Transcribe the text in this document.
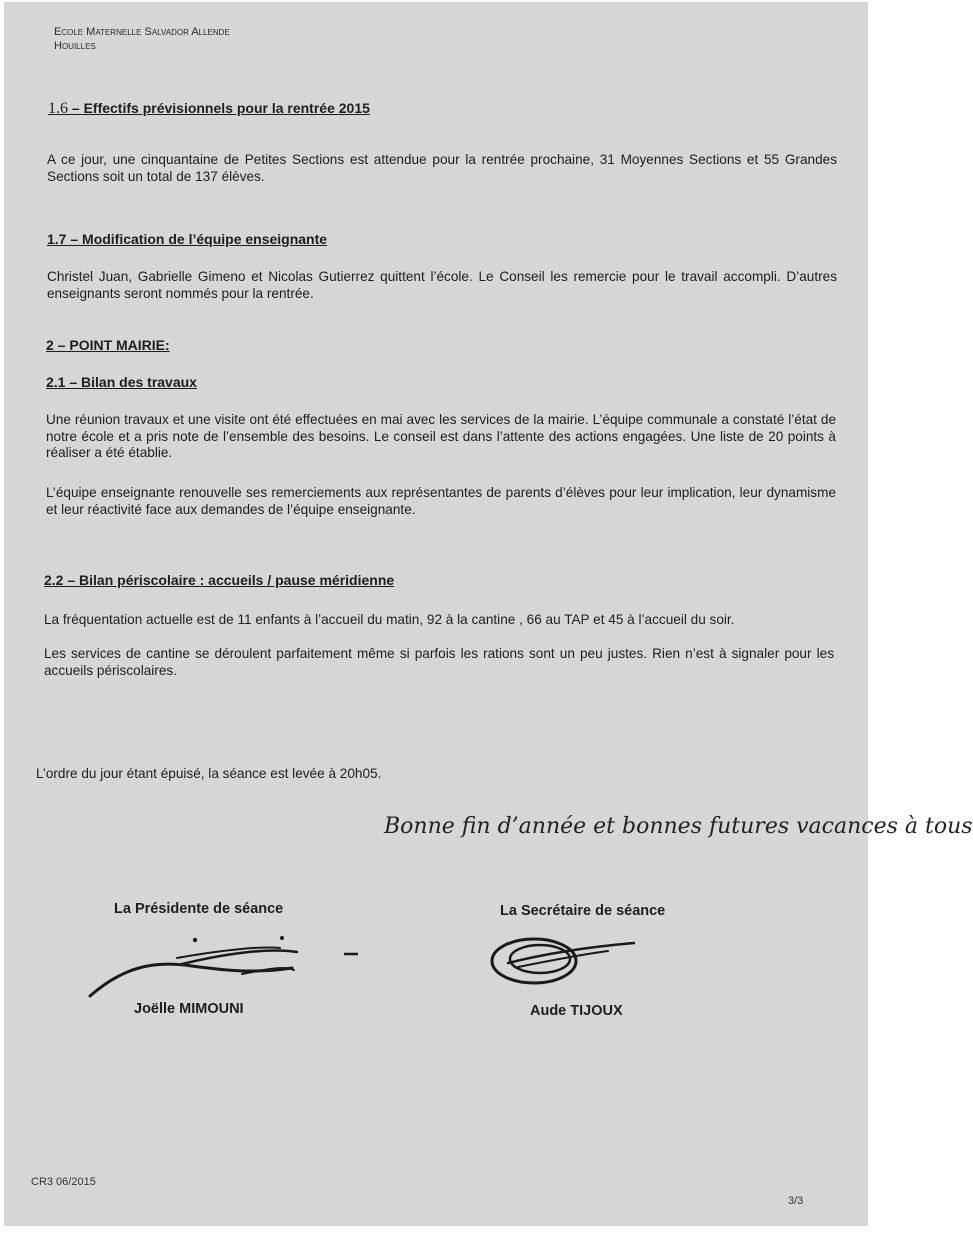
Ecole Maternelle Salvador Allende
Houilles
1.6 – Effectifs prévisionnels pour la rentrée 2015
A ce jour, une cinquantaine de Petites Sections est attendue pour la rentrée prochaine, 31 Moyennes Sections et 55 Grandes Sections soit un total de 137 élèves.
1.7 – Modification de l’équipe enseignante
Christel Juan, Gabrielle Gimeno et Nicolas Gutierrez quittent l’école. Le Conseil les remercie pour le travail accompli. D’autres enseignants seront nommés pour la rentrée.
2 – POINT MAIRIE:
2.1 – Bilan des travaux
Une réunion travaux et une visite ont été effectuées en mai avec les services de la mairie. L’équipe communale a constaté l’état de notre école et a pris note de l’ensemble des besoins. Le conseil est dans l’attente des actions engagées. Une liste de 20 points à réaliser a été établie.
L’équipe enseignante renouvelle ses remerciements aux représentantes de parents d’élèves pour leur implication, leur dynamisme et leur réactivité face aux demandes de l’équipe enseignante.
2.2 – Bilan périscolaire : accueils / pause méridienne
La fréquentation actuelle est de 11 enfants à l’accueil du matin, 92 à la cantine , 66 au TAP et 45 à l’accueil du soir.
Les services de cantine se déroulent parfaitement même si parfois les rations sont un peu justes. Rien n’est à signaler pour les accueils périscolaires.
L’ordre du jour étant épuisé, la séance est levée à 20h05.
Bonne fin d’année et bonnes futures vacances à tous
La Présidente de séance	La Secrétaire de séance
Joëlle MIMOUNI	Aude TIJOUX
CR3 06/2015
3/3
